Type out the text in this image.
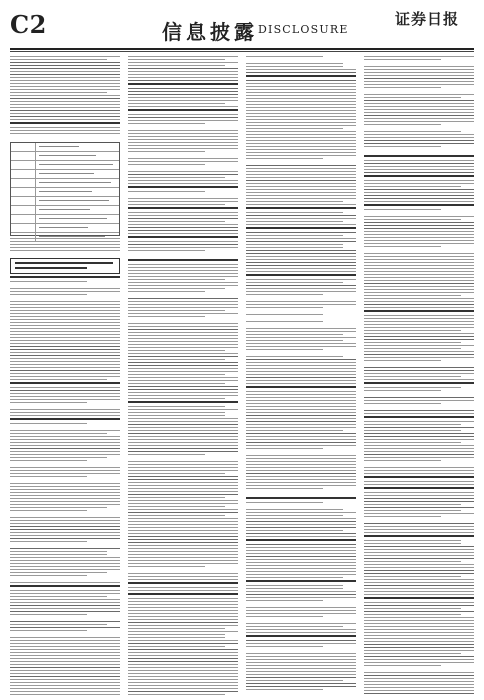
C2	信息披露 DISCLOSURE
证券日报
